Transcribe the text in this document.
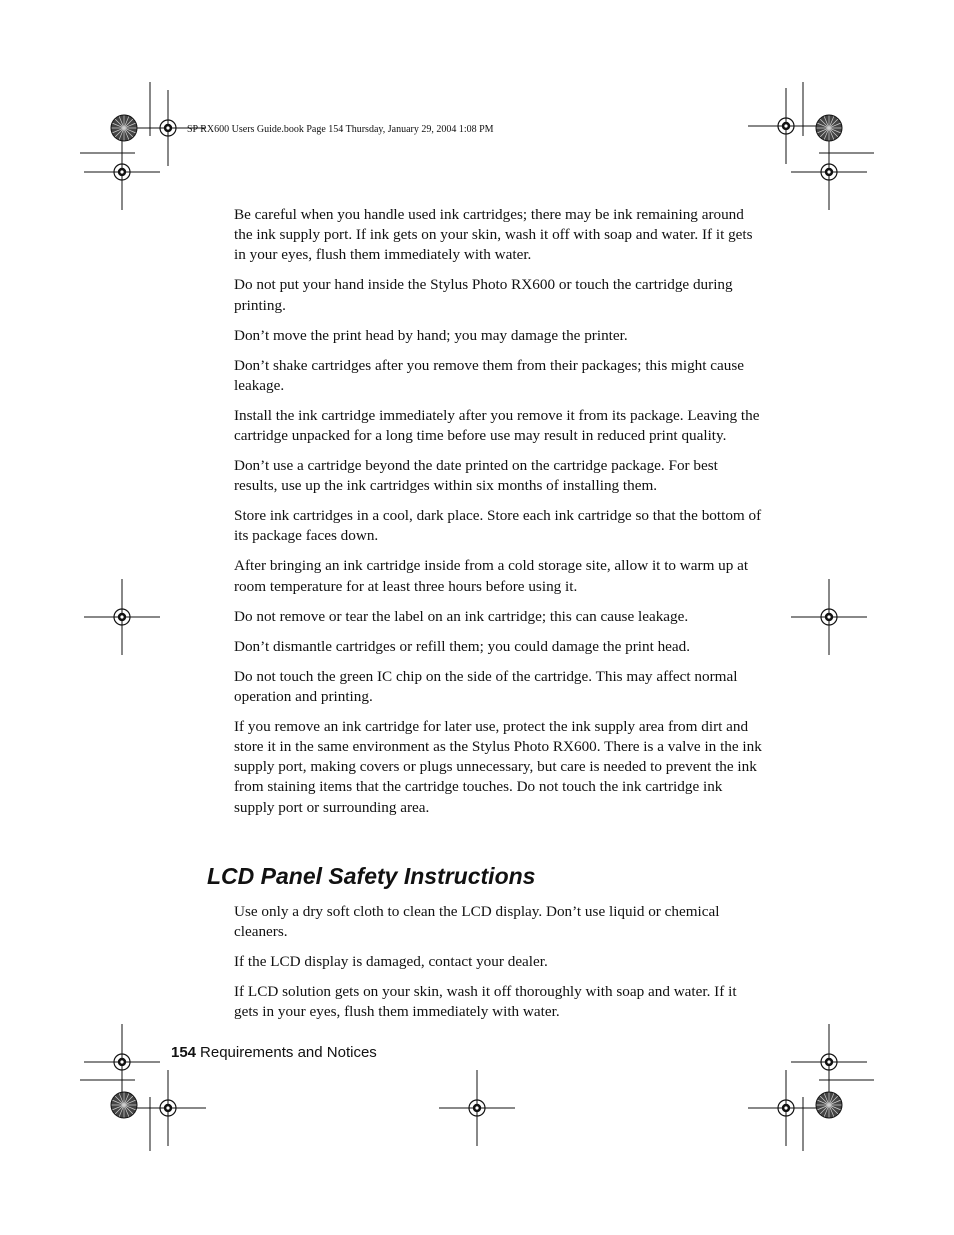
SP RX600 Users Guide.book Page 154 Thursday, January 29, 2004 1:08 PM

Be careful when you handle used ink cartridges; there may be ink remaining around the ink supply port. If ink gets on your skin, wash it off with soap and water. If it gets in your eyes, flush them immediately with water.

Do not put your hand inside the Stylus Photo RX600 or touch the cartridge during printing.

Don’t move the print head by hand; you may damage the printer.

Don’t shake cartridges after you remove them from their packages; this might cause leakage.

Install the ink cartridge immediately after you remove it from its package. Leaving the cartridge unpacked for a long time before use may result in reduced print quality.

Don’t use a cartridge beyond the date printed on the cartridge package. For best results, use up the ink cartridges within six months of installing them.

Store ink cartridges in a cool, dark place. Store each ink cartridge so that the bottom of its package faces down.

After bringing an ink cartridge inside from a cold storage site, allow it to warm up at room temperature for at least three hours before using it.

Do not remove or tear the label on an ink cartridge; this can cause leakage.

Don’t dismantle cartridges or refill them; you could damage the print head.

Do not touch the green IC chip on the side of the cartridge. This may affect normal operation and printing.

If you remove an ink cartridge for later use, protect the ink supply area from dirt and store it in the same environment as the Stylus Photo RX600. There is a valve in the ink supply port, making covers or plugs unnecessary, but care is needed to prevent the ink from staining items that the cartridge touches. Do not touch the ink cartridge ink supply port or surrounding area.

LCD Panel Safety Instructions

Use only a dry soft cloth to clean the LCD display. Don’t use liquid or chemical cleaners.

If the LCD display is damaged, contact your dealer.

If LCD solution gets on your skin, wash it off thoroughly with soap and water. If it gets in your eyes, flush them immediately with water.

154 Requirements and Notices
